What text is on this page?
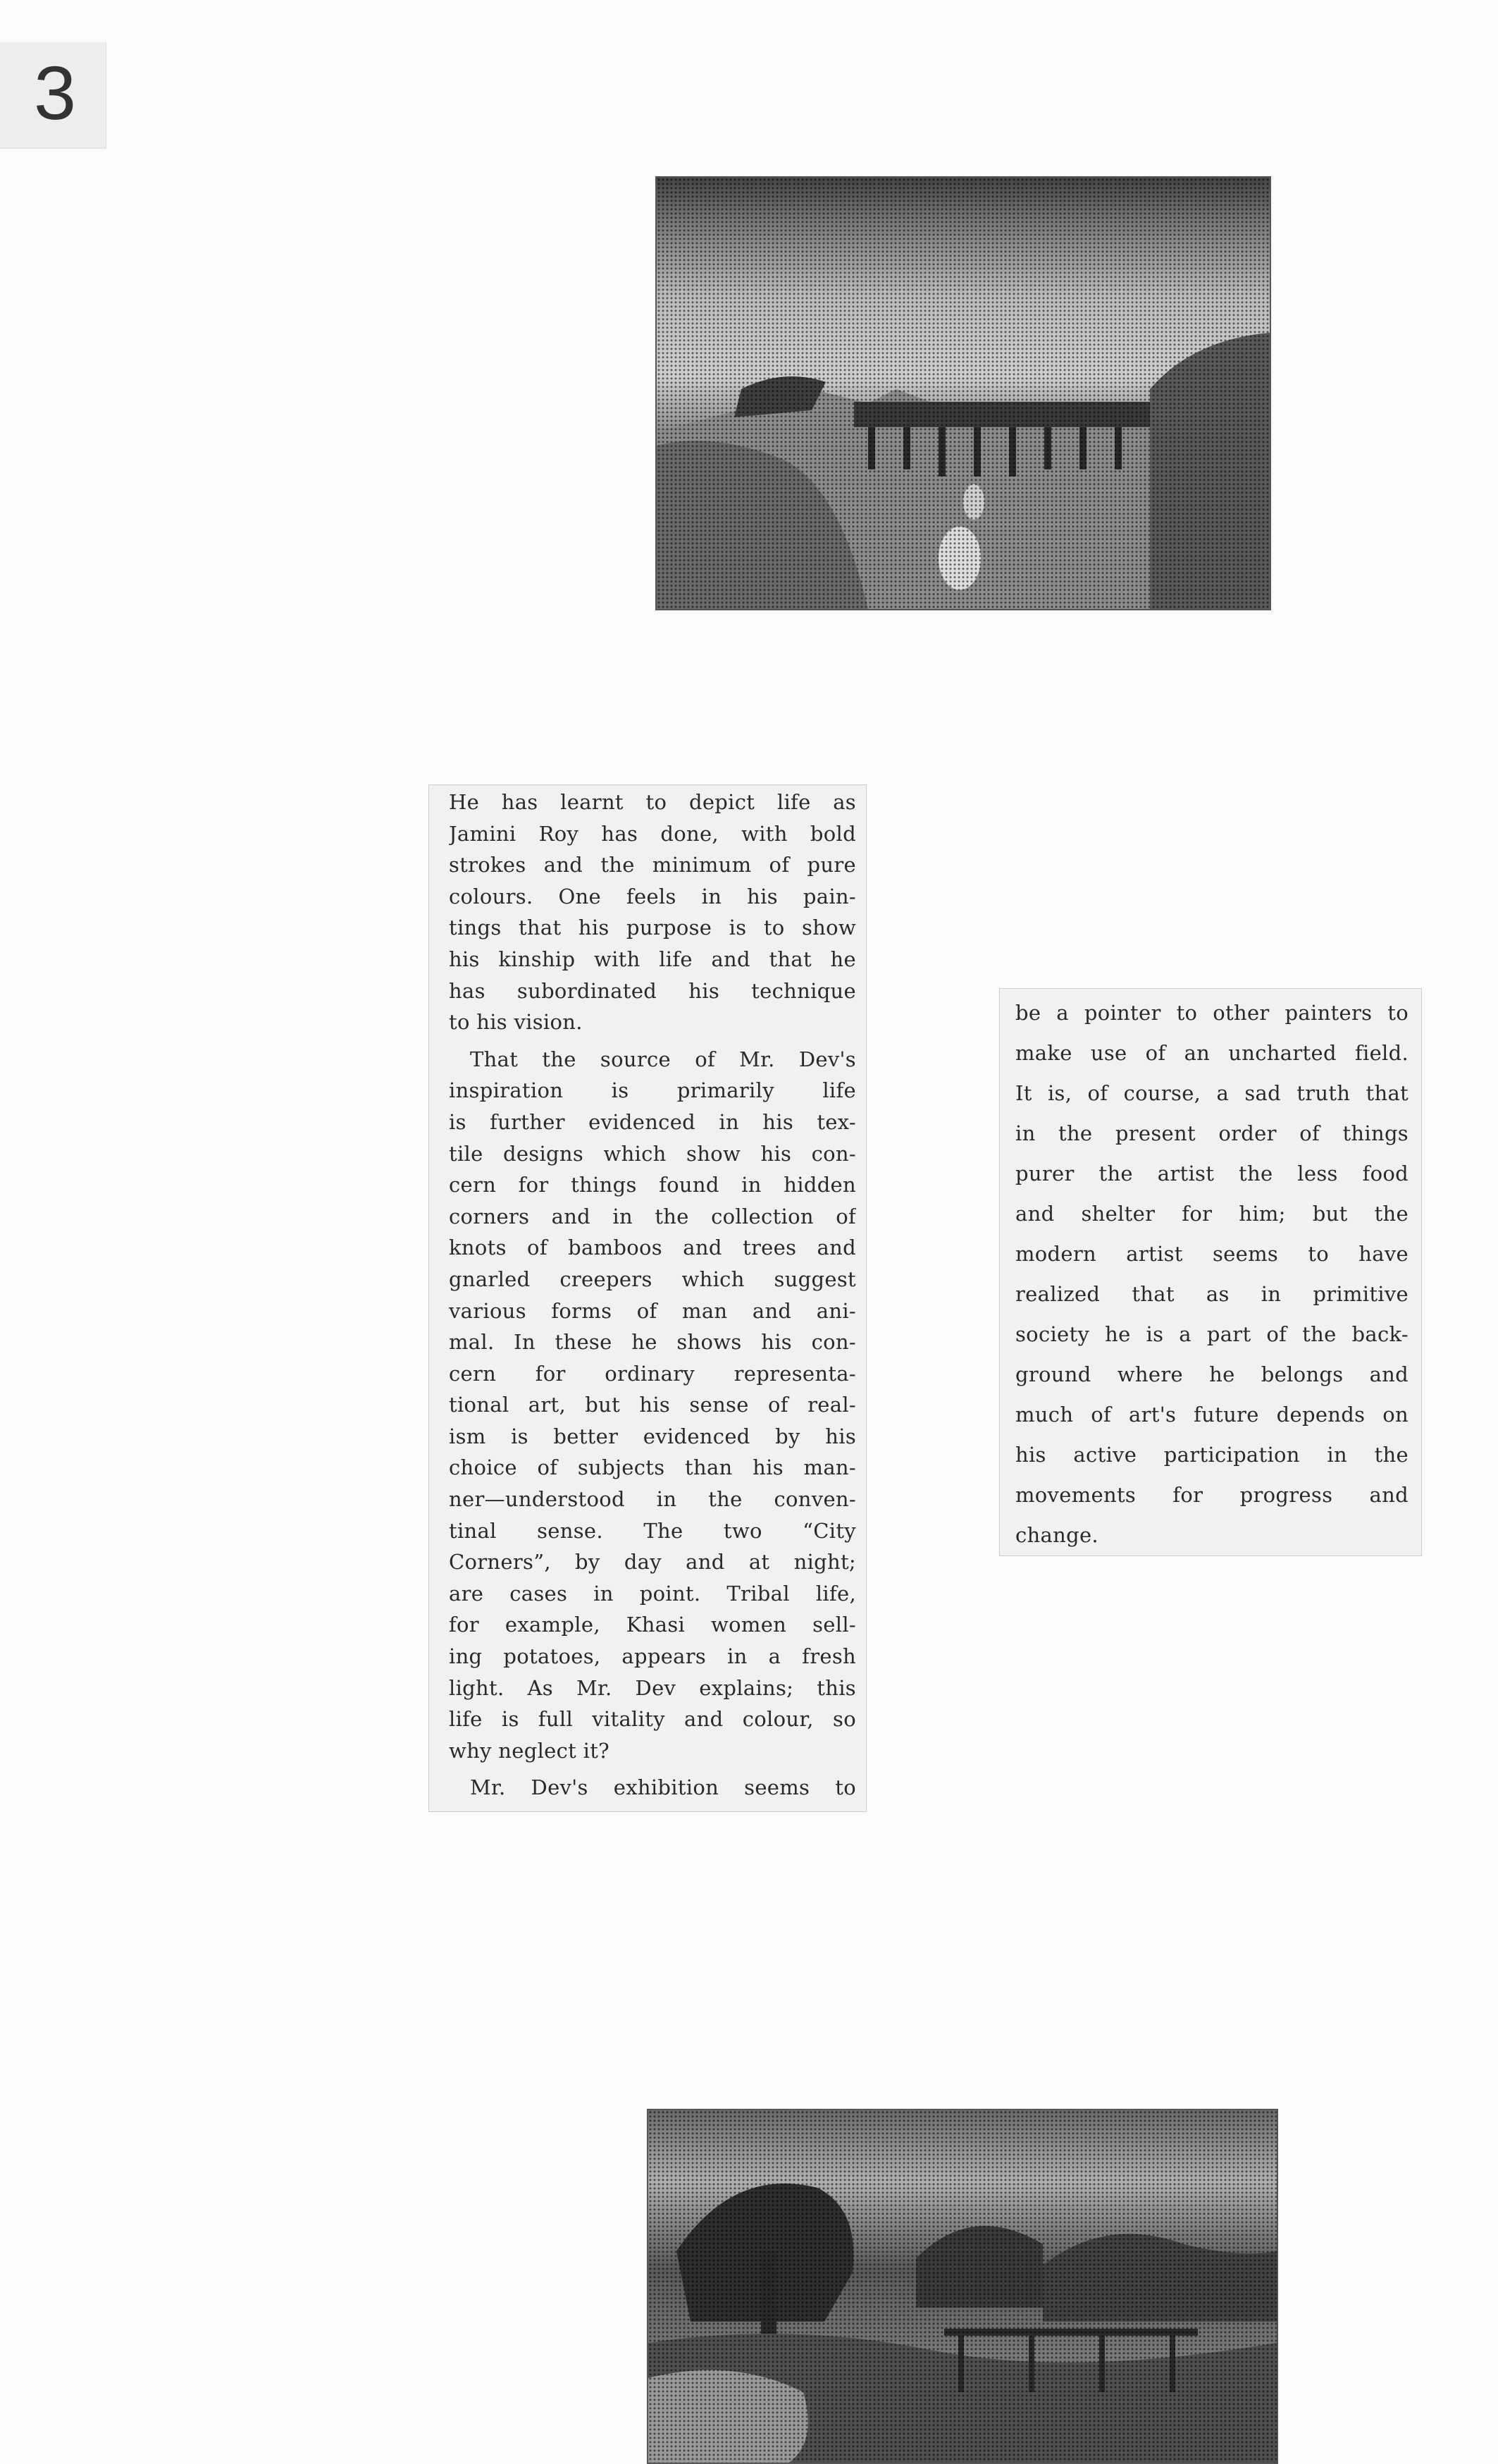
3
He has learnt to depict life as
Jamini Roy has done, with bold
strokes and the minimum of pure
colours. One feels in his pain-
tings that his purpose is to show
his kinship with life and that he
has subordinated his technique
to his vision.
That the source of Mr. Dev's
inspiration is primarily life
is further evidenced in his tex-
tile designs which show his con-
cern for things found in hidden
corners and in the collection of
knots of bamboos and trees and
gnarled creepers which suggest
various forms of man and ani-
mal. In these he shows his con-
cern for ordinary representa-
tional art, but his sense of real-
ism is better evidenced by his
choice of subjects than his man-
ner—understood in the conven-
tinal sense. The two “City
Corners”, by day and at night;
are cases in point. Tribal life,
for example, Khasi women sell-
ing potatoes, appears in a fresh
light. As Mr. Dev explains; this
life is full vitality and colour, so
why neglect it?
Mr. Dev's exhibition seems to
be a pointer to other painters to
make use of an uncharted field.
It is, of course, a sad truth that
in the present order of things
purer the artist the less food
and shelter for him; but the
modern artist seems to have
realized that as in primitive
society he is a part of the back-
ground where he belongs and
much of art's future depends on
his active participation in the
movements for progress and
change.
